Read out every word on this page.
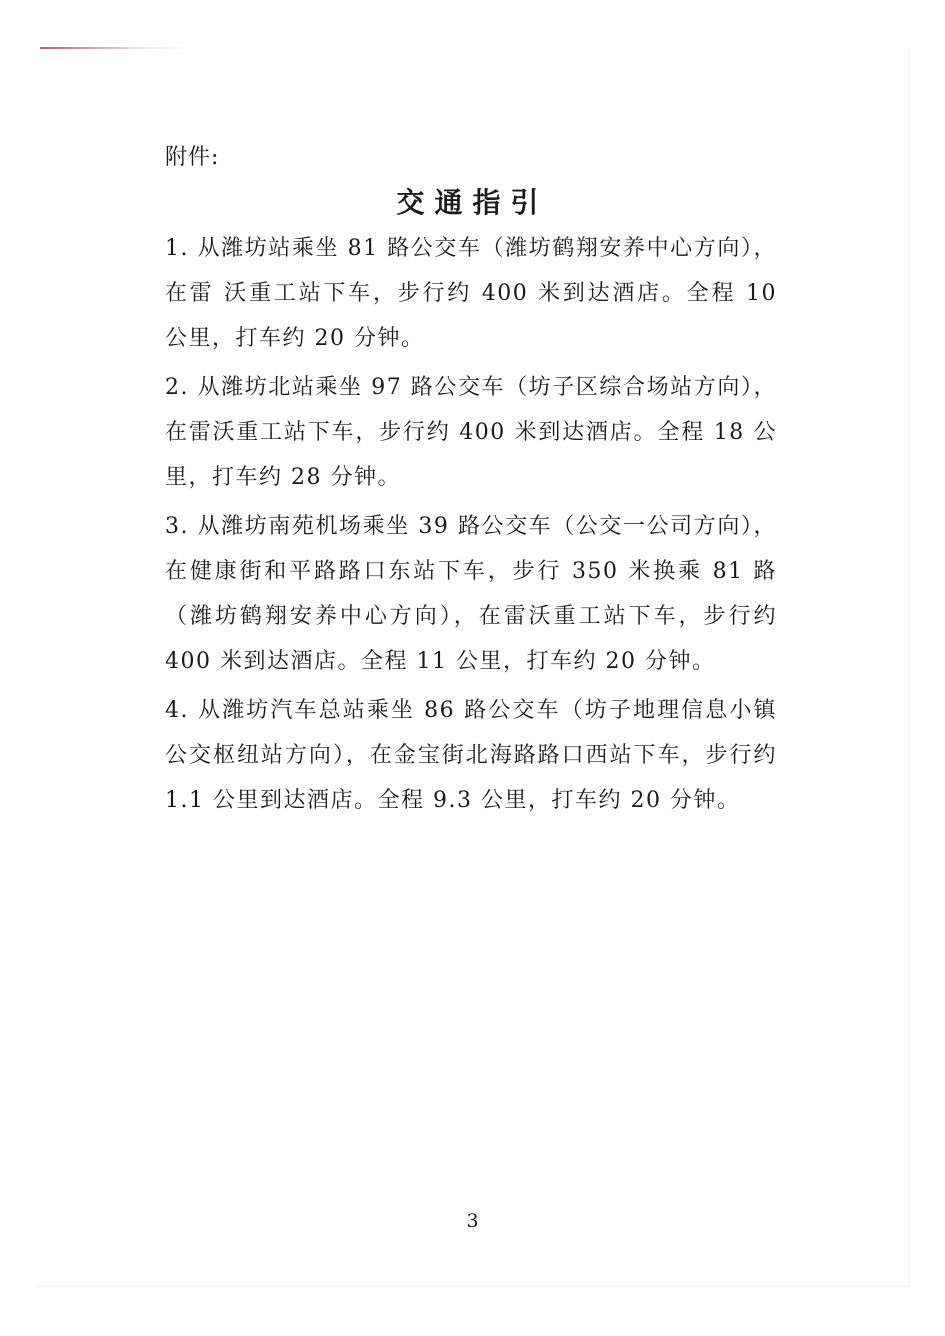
附件:
交通指引

1. 从潍坊站乘坐 81 路公交车（潍坊鹤翔安养中心方向），在雷 沃重工站下车，步行约 400 米到达酒店。全程 10 公里，打车约 20 分钟。

2. 从潍坊北站乘坐 97 路公交车（坊子区综合场站方向），在雷沃重工站下车，步行约 400 米到达酒店。全程 18 公里，打车约 28 分钟。

3. 从潍坊南苑机场乘坐 39 路公交车（公交一公司方向），在健康街和平路路口东站下车，步行 350 米换乘 81 路（潍坊鹤翔安养中心方向），在雷沃重工站下车，步行约 400 米到达酒店。全程 11 公里，打车约 20 分钟。

4. 从潍坊汽车总站乘坐 86 路公交车（坊子地理信息小镇公交枢纽站方向），在金宝街北海路路口西站下车，步行约 1.1 公里到达酒店。全程 9.3 公里，打车约 20 分钟。

3
